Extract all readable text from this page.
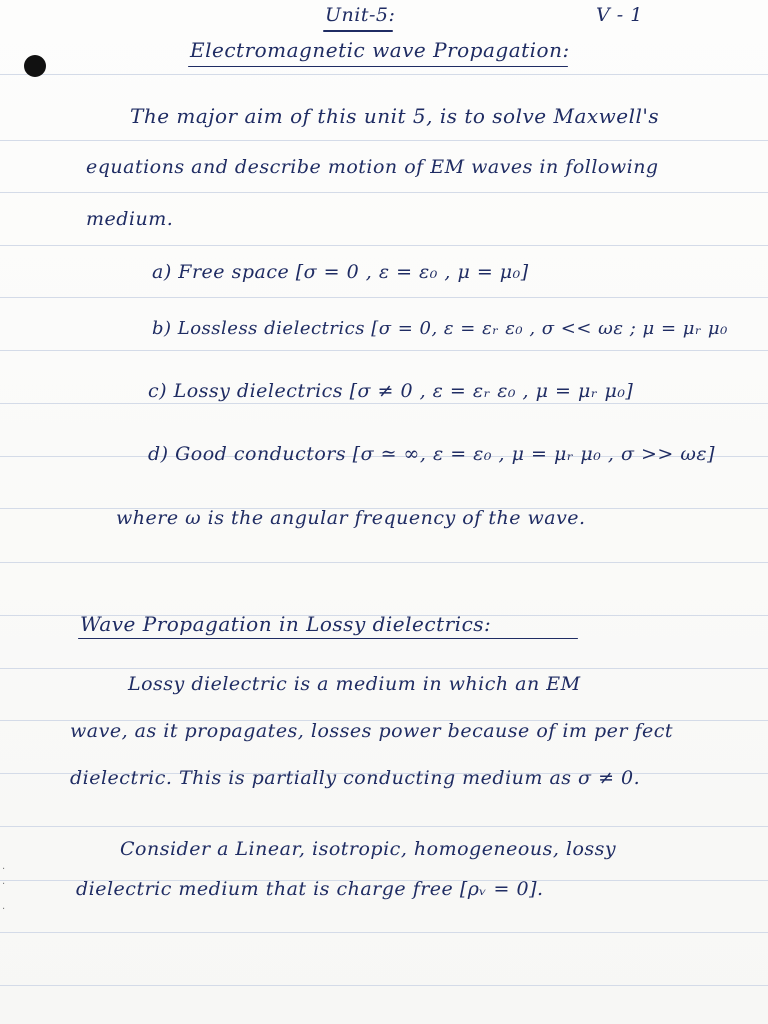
·
·
·
Unit-5:	V - 1
Electromagnetic wave Propagation:
The major aim of this unit 5, is to solve Maxwell's
equations and describe motion of EM waves in following
medium.
a) Free space [σ = 0 , ε = ε₀ , μ = μ₀]
b) Lossless dielectrics [σ = 0, ε = εᵣ ε₀ , σ << ωε ; μ = μᵣ μ₀
c) Lossy dielectrics [σ ≠ 0 , ε = εᵣ ε₀ , μ = μᵣ μ₀]
d) Good conductors [σ ≃ ∞, ε = ε₀ , μ = μᵣ μ₀ , σ >> ωε]
where ω is the angular frequency of the wave.
Wave Propagation in Lossy dielectrics:
Lossy dielectric is a medium in which an EM
wave, as it propagates, losses power because of im per fect
dielectric. This is partially conducting medium as σ ≠ 0.
Consider a Linear, isotropic, homogeneous, lossy
dielectric medium that is charge free [ρᵥ = 0].
